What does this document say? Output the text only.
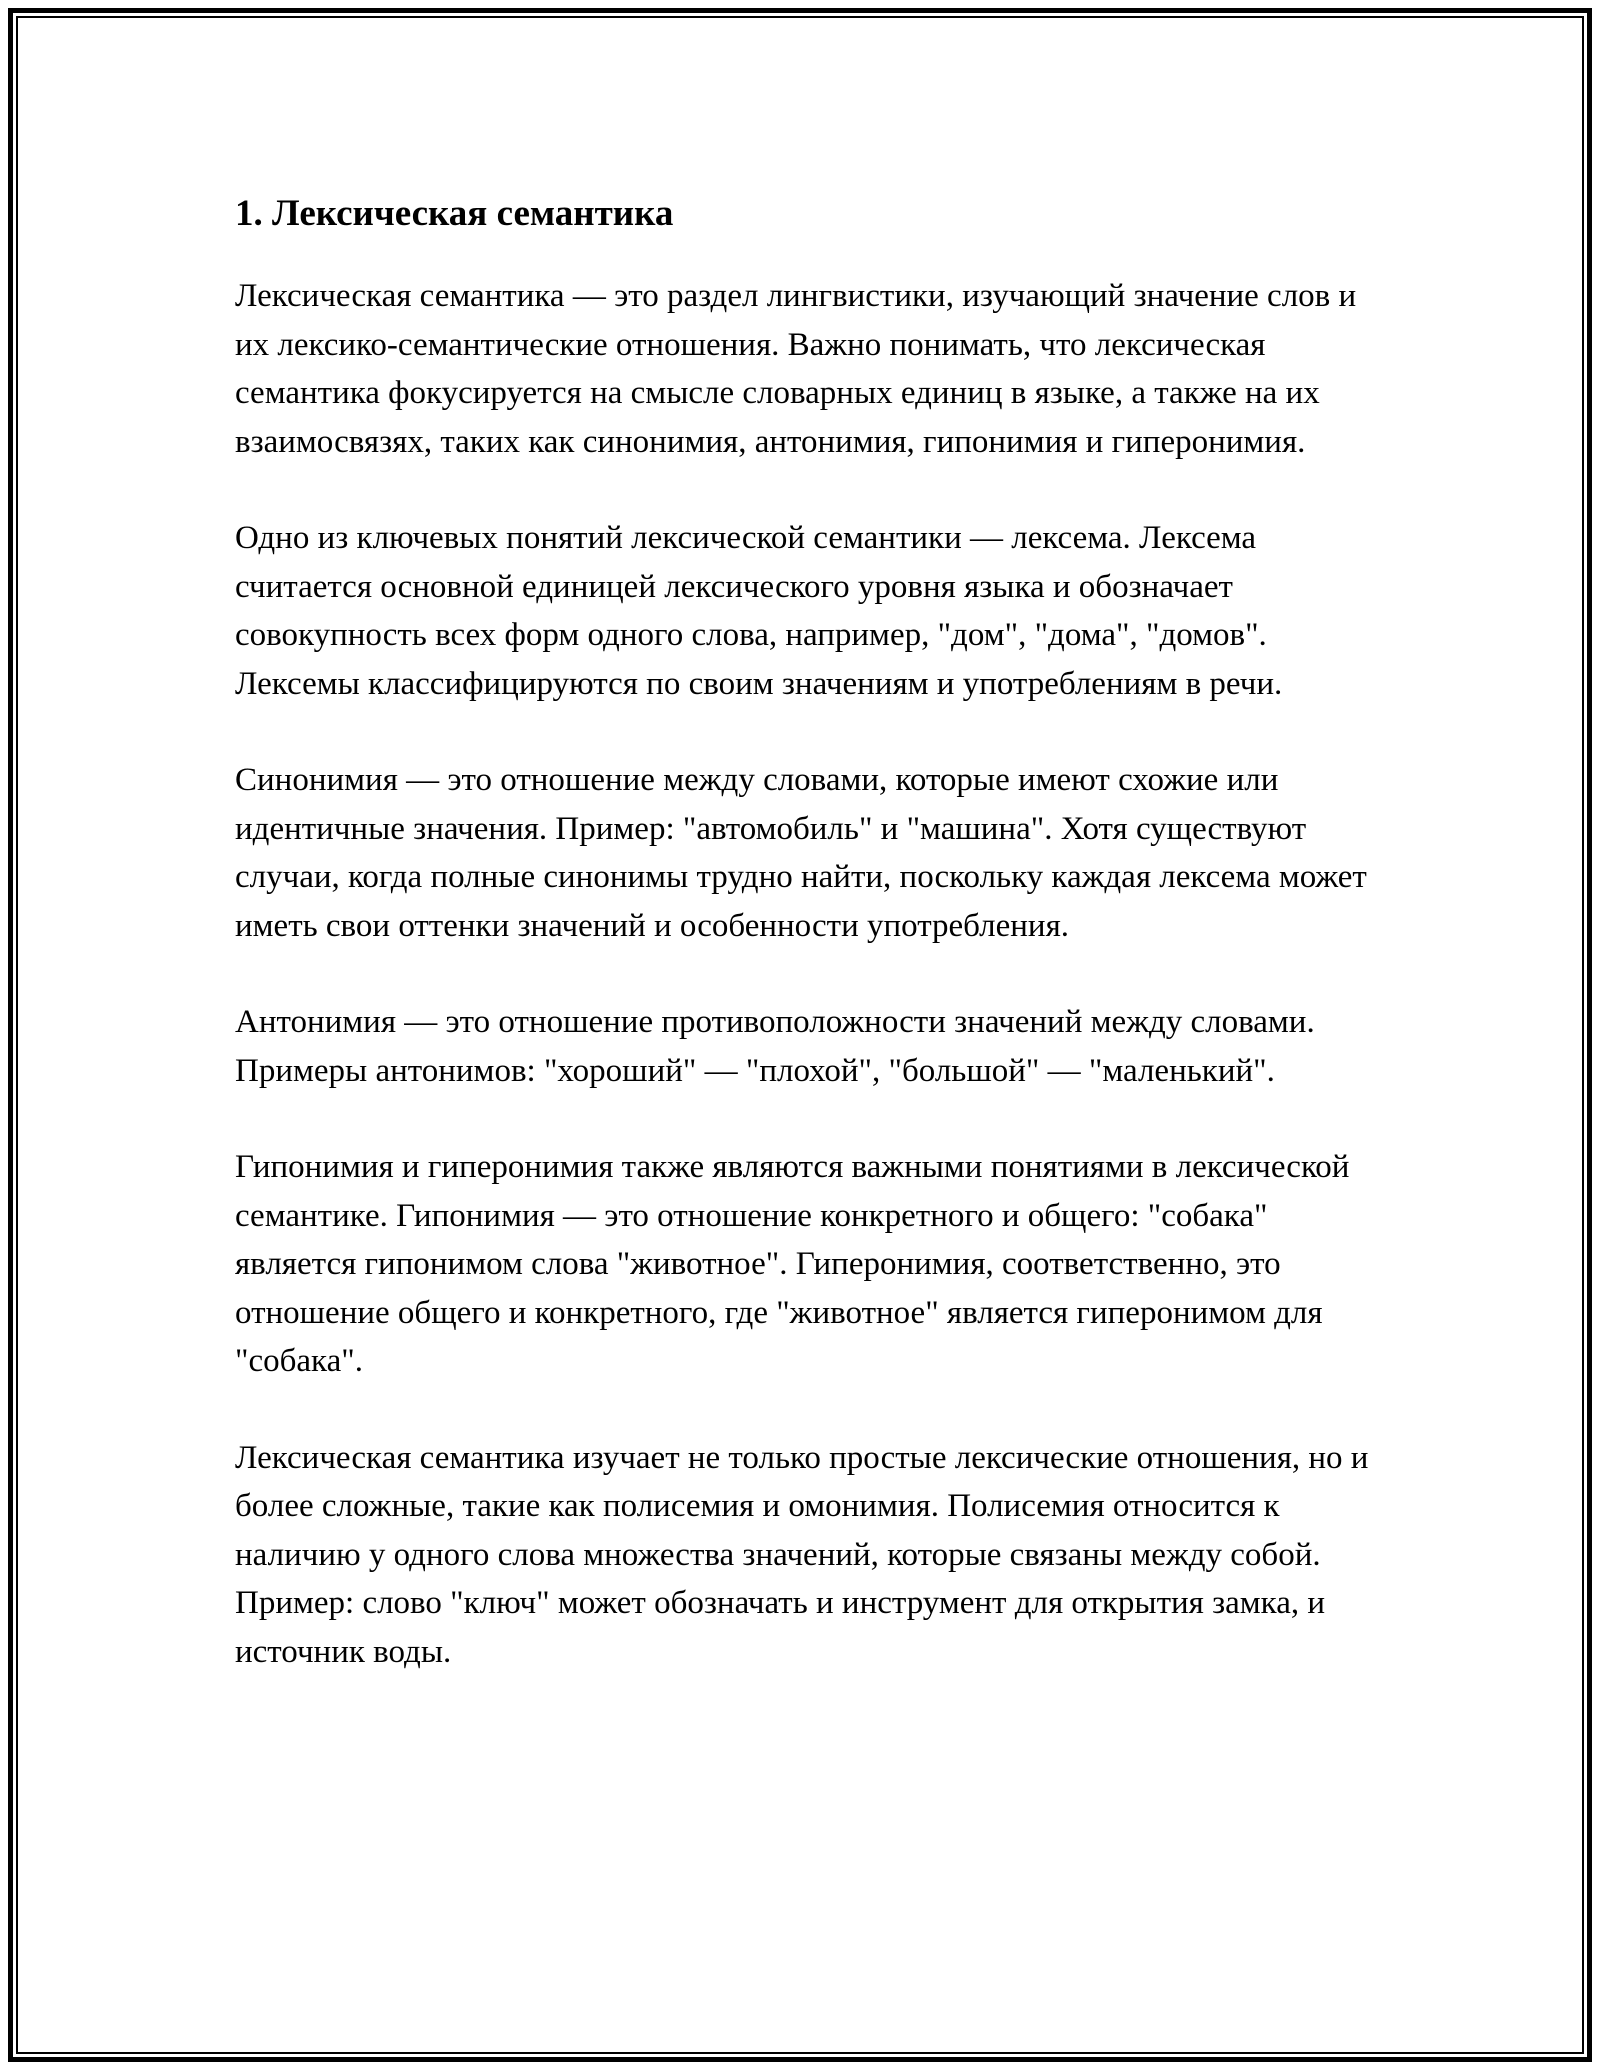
1. Лексическая семантика

Лексическая семантика — это раздел лингвистики, изучающий значение слов и их лексико-семантические отношения. Важно понимать, что лексическая семантика фокусируется на смысле словарных единиц в языке, а также на их взаимосвязях, таких как синонимия, антонимия, гипонимия и гиперонимия.

Одно из ключевых понятий лексической семантики — лексема. Лексема считается основной единицей лексического уровня языка и обозначает совокупность всех форм одного слова, например, "дом", "дома", "домов". Лексемы классифицируются по своим значениям и употреблениям в речи.

Синонимия — это отношение между словами, которые имеют схожие или идентичные значения. Пример: "автомобиль" и "машина". Хотя существуют случаи, когда полные синонимы трудно найти, поскольку каждая лексема может иметь свои оттенки значений и особенности употребления.

Антонимия — это отношение противоположности значений между словами. Примеры антонимов: "хороший" — "плохой", "большой" — "маленький".

Гипонимия и гиперонимия также являются важными понятиями в лексической семантике. Гипонимия — это отношение конкретного и общего: "собака" является гипонимом слова "животное". Гиперонимия, соответственно, это отношение общего и конкретного, где "животное" является гиперонимом для "собака".

Лексическая семантика изучает не только простые лексические отношения, но и более сложные, такие как полисемия и омонимия. Полисемия относится к наличию у одного слова множества значений, которые связаны между собой. Пример: слово "ключ" может обозначать и инструмент для открытия замка, и источник воды.
